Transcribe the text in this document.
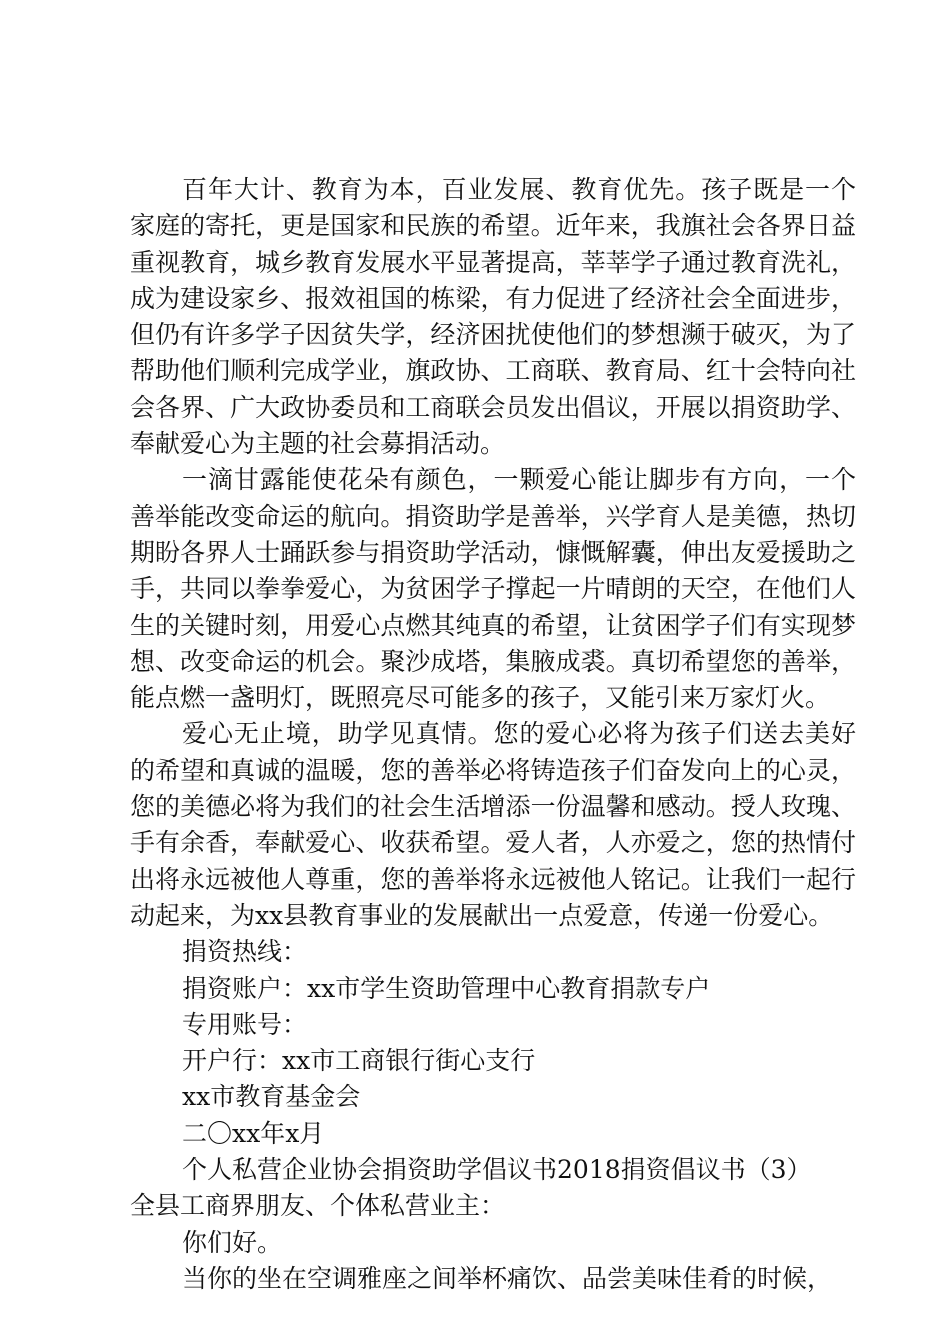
百年大计、教育为本，百业发展、教育优先。孩子既是一个家庭的寄托，更是国家和民族的希望。近年来，我旗社会各界日益重视教育，城乡教育发展水平显著提高，莘莘学子通过教育洗礼，成为建设家乡、报效祖国的栋梁，有力促进了经济社会全面进步，但仍有许多学子因贫失学，经济困扰使他们的梦想濒于破灭，为了帮助他们顺利完成学业，旗政协、工商联、教育局、红十会特向社会各界、广大政协委员和工商联会员发出倡议，开展以捐资助学、奉献爱心为主题的社会募捐活动。

一滴甘露能使花朵有颜色，一颗爱心能让脚步有方向，一个善举能改变命运的航向。捐资助学是善举，兴学育人是美德，热切期盼各界人士踊跃参与捐资助学活动，慷慨解囊，伸出友爱援助之手，共同以拳拳爱心，为贫困学子撑起一片晴朗的天空，在他们人生的关键时刻，用爱心点燃其纯真的希望，让贫困学子们有实现梦想、改变命运的机会。聚沙成塔，集腋成裘。真切希望您的善举，能点燃一盏明灯，既照亮尽可能多的孩子，又能引来万家灯火。

爱心无止境，助学见真情。您的爱心必将为孩子们送去美好的希望和真诚的温暖，您的善举必将铸造孩子们奋发向上的心灵，您的美德必将为我们的社会生活增添一份温馨和感动。授人玫瑰、手有余香，奉献爱心、收获希望。爱人者，人亦爱之，您的热情付出将永远被他人尊重，您的善举将永远被他人铭记。让我们一起行动起来，为xx县教育事业的发展献出一点爱意，传递一份爱心。

捐资热线：

捐资账户：xx市学生资助管理中心教育捐款专户

专用账号：

开户行：xx市工商银行街心支行

xx市教育基金会

二〇xx年x月

个人私营企业协会捐资助学倡议书2018捐资倡议书（3）

全县工商界朋友、个体私营业主：

你们好。

当你的坐在空调雅座之间举杯痛饮、品尝美味佳肴的时候，
